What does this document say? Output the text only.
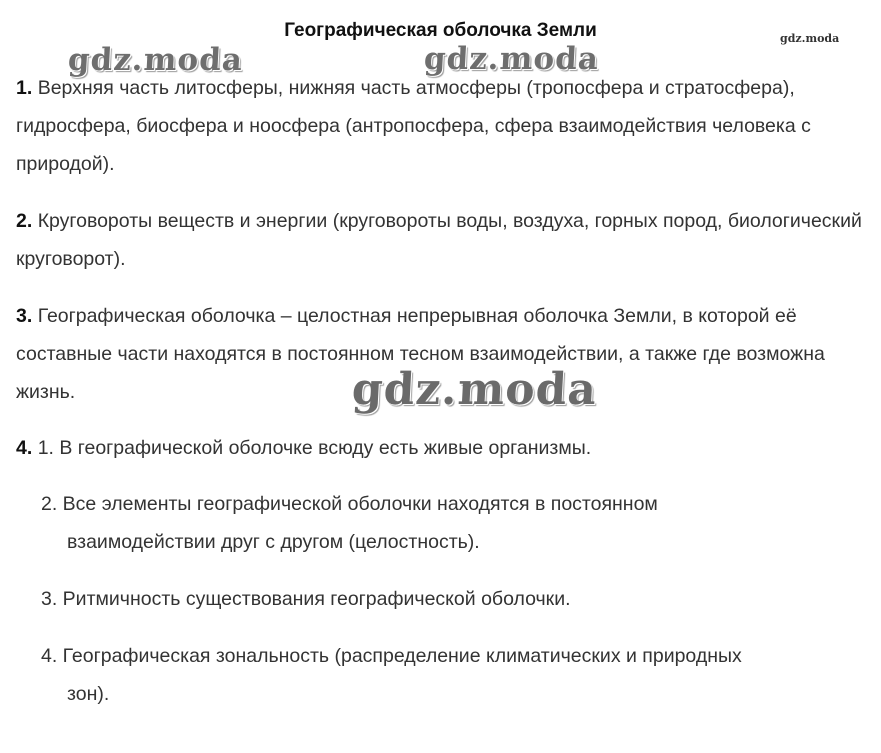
Географическая оболочка Земли	gdz.moda
gdz.moda	gdz.moda
gdz.moda
1. Верхняя часть литосферы, нижняя часть атмосферы (тропосфера и стратосфера), гидросфера, биосфера и ноосфера (антропосфера, сфера взаимодействия человека с природой).
2. Круговороты веществ и энергии (круговороты воды, воздуха, горных пород, биологический круговорот).
3. Географическая оболочка – целостная непрерывная оболочка Земли, в которой её составные части находятся в постоянном тесном взаимодействии, а также где возможна жизнь.
4. 1. В географической оболочке всюду есть живые организмы.
2. Все элементы географической оболочки находятся в постоянном
взаимодействии друг с другом (целостность).
3. Ритмичность существования географической оболочки.
4. Географическая зональность (распределение климатических и природных
зон).
